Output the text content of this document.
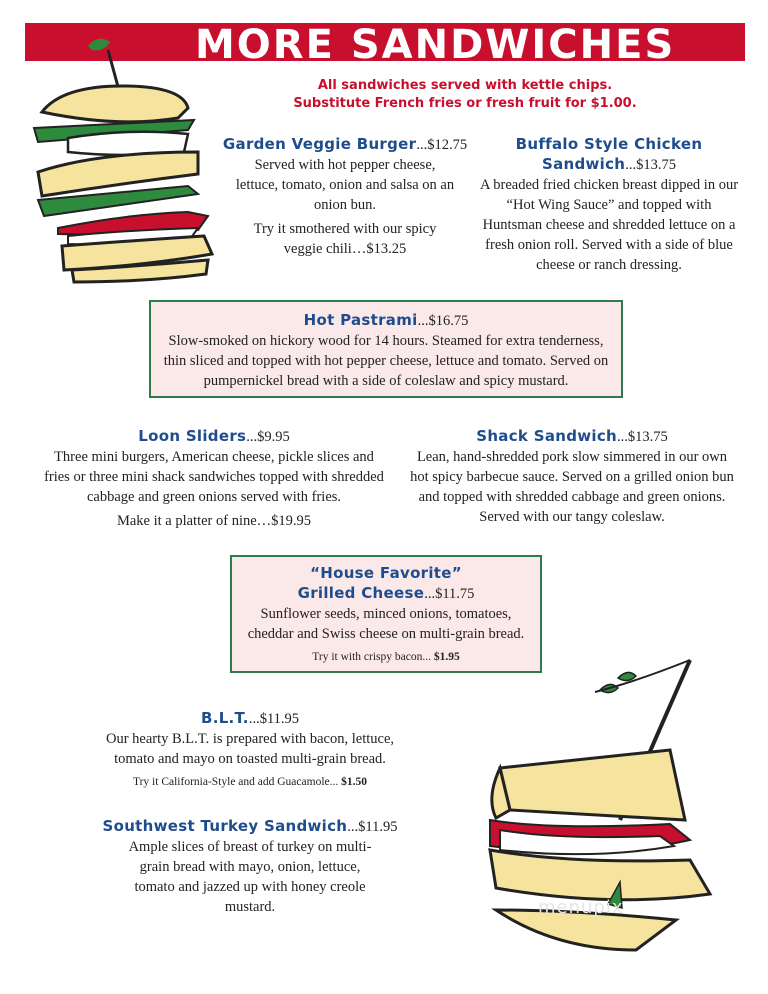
MORE SANDWICHES
All sandwiches served with kettle chips.
Substitute French fries or fresh fruit for $1.00.
Garden Veggie Burger...$12.75

Served with hot pepper cheese, lettuce, tomato, onion and salsa on an onion bun.

Try it smothered with our spicy veggie chili…$13.25

Buffalo Style Chicken
Sandwich...$13.75

A breaded fried chicken breast dipped in our “Hot Wing Sauce” and topped with Huntsman cheese and shredded lettuce on a fresh onion roll. Served with a side of blue cheese or ranch dressing.

Hot Pastrami...$16.75

Slow-smoked on hickory wood for 14 hours. Steamed for extra tenderness, thin sliced and topped with hot pepper cheese, lettuce and tomato. Served on pumpernickel bread with a side of coleslaw and spicy mustard.

Loon Sliders...$9.95

Three mini burgers, American cheese, pickle slices and fries or three mini shack sandwiches topped with shredded cabbage and green onions served with fries.

Make it a platter of nine…$19.95

Shack Sandwich...$13.75

Lean, hand-shredded pork slow simmered in our own hot spicy barbecue sauce. Served on a grilled onion bun and topped with shredded cabbage and green onions. Served with our tangy coleslaw.

“House Favorite”
Grilled Cheese...$11.75

Sunflower seeds, minced onions, tomatoes, cheddar and Swiss cheese on multi-grain bread.

Try it with crispy bacon... $1.95
B.L.T....$11.95

Our hearty B.L.T. is prepared with bacon, lettuce, tomato and mayo on toasted multi-grain bread.

Try it California-Style and add Guacamole... $1.50
Southwest Turkey Sandwich...$11.95

Ample slices of breast of turkey on multi-grain bread with mayo, onion, lettuce, tomato and jazzed up with honey creole mustard.	menupix
